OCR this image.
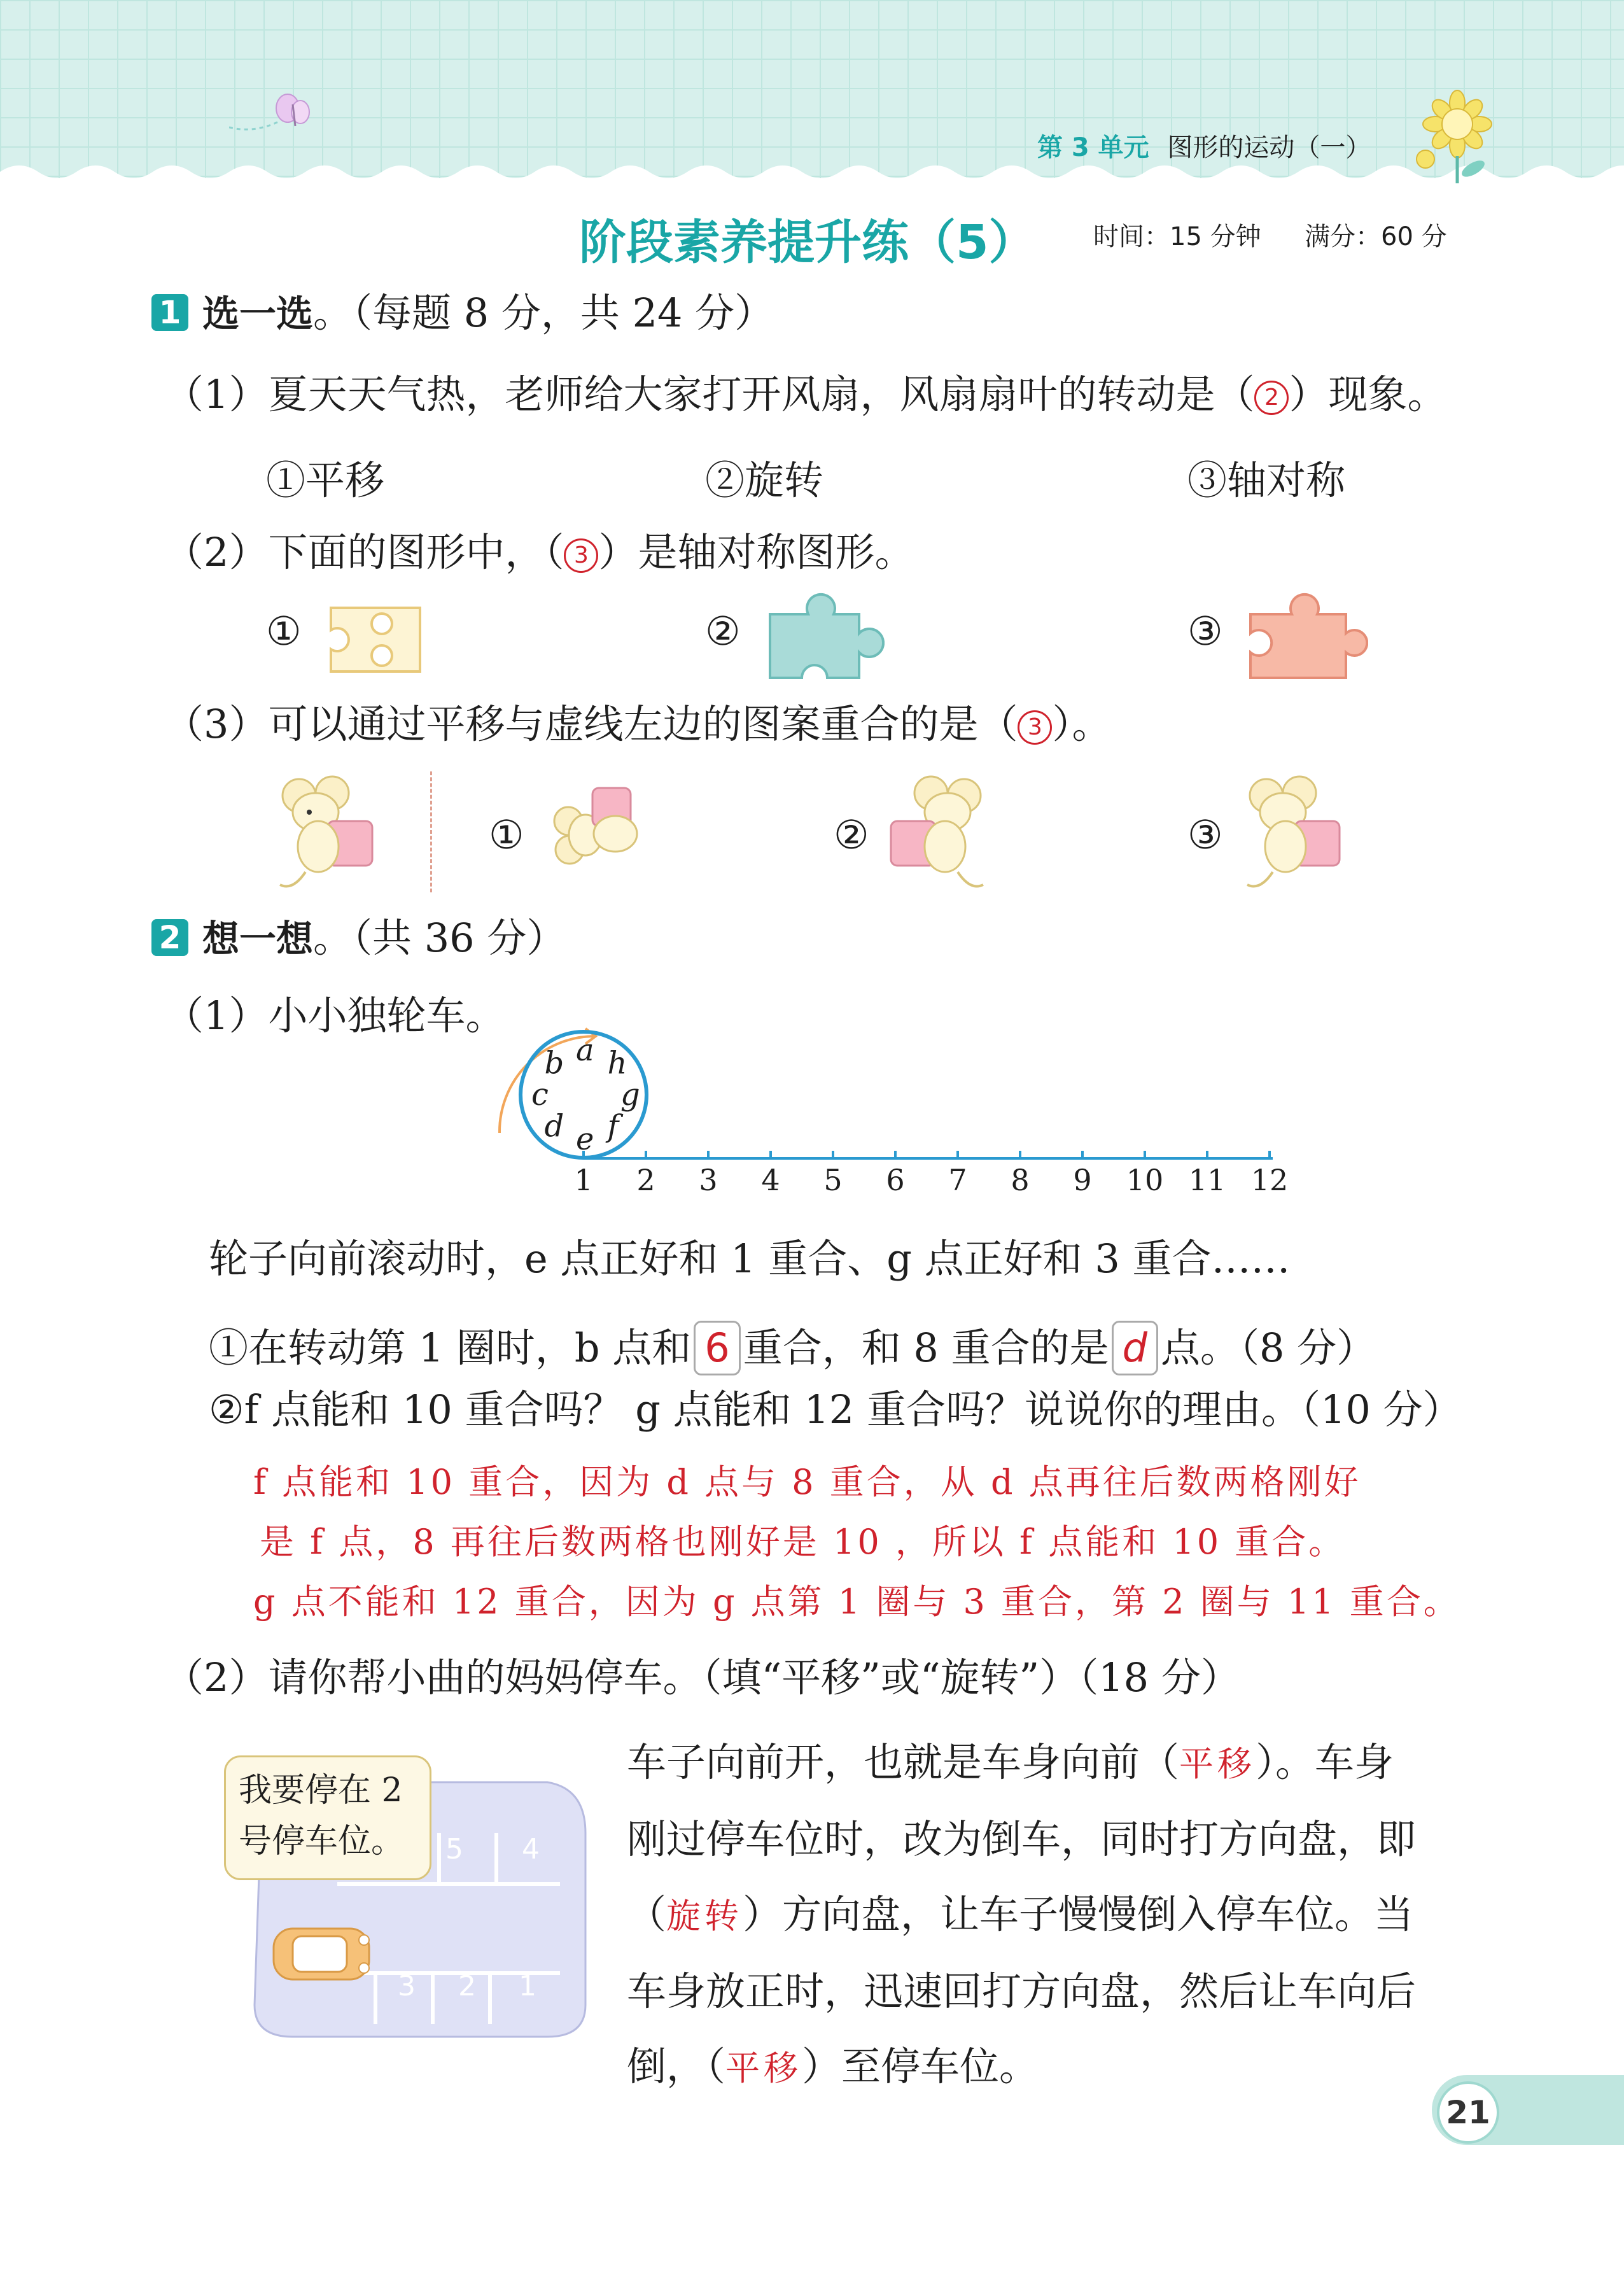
第 3 单元 图形的运动（一）
阶段素养提升练（5） 时间：15 分钟 满分：60 分
1 选一选。（每题 8 分，共 24 分）
（1）夏天天气热，老师给大家打开风扇，风扇扇叶的转动是（ 2 ）现象。
①平移	②旋转	③轴对称
（2）下面的图形中，（ 3 ）是轴对称图形。
①	②	③
（3）可以通过平移与虚线左边的图案重合的是（ 3 ）。
①	②	③
2 想一想。（共 36 分）
（1）小小独轮车。
a h
g
f
e
d
c
b
1 2 3 4 5 6 7 8 9 10 11 12
轮子向前滚动时，e 点正好和 1 重合、g 点正好和 3 重合……
①在转动第 1 圈时，b 点和 6 重合，和 8 重合的是 d 点。（8 分）
②f 点能和 10 重合吗？ g 点能和 12 重合吗？说说你的理由。（10 分）
f 点能和 10 重合，因为 d 点与 8 重合，从 d 点再往后数两格刚好
是 f 点，8 再往后数两格也刚好是 10 ，所以 f 点能和 10 重合。
g 点不能和 12 重合，因为 g 点第 1 圈与 3 重合，第 2 圈与 11 重合。
（2）请你帮小曲的妈妈停车。（填“平移”或“旋转”）（18 分）
5 4
3 2 1
我要停在 2
号停车位。
车子向前开，也就是车身向前（平移）。车身
刚过停车位时，改为倒车，同时打方向盘，即
（旋转）方向盘，让车子慢慢倒入停车位。当
车身放正时，迅速回打方向盘，然后让车向后
倒，（平移）至停车位。
21
